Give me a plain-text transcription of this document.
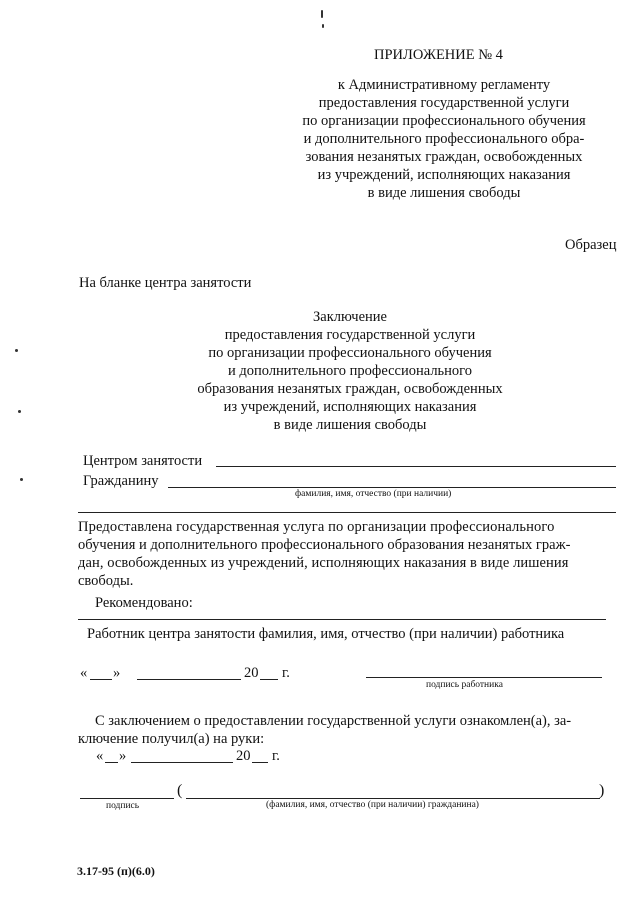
ПРИЛОЖЕНИЕ № 4
к Административному регламенту
предоставления государственной услуги
по организации профессионального обучения
и дополнительного профессионального обра-
зования незанятых граждан, освобожденных
из учреждений, исполняющих наказания
в виде лишения свободы
Образец
На бланке центра занятости
Заключение
предоставления государственной услуги
по организации профессионального обучения
и дополнительного профессионального
образования незанятых граждан, освобожденных
из учреждений, исполняющих наказания
в виде лишения свободы
Центром занятости
Гражданину
фамилия, имя, отчество (при наличии)
Предоставлена государственная услуга по организации профессионального
обучения и дополнительного профессионального образования незанятых граж-
дан, освобожденных из учреждений, исполняющих наказания в виде лишения
свободы.
Рекомендовано:
Работник центра занятости фамилия, имя, отчество (при наличии) работника
« »	20 г.
подпись работника
С заключением о предоставлении государственной услуги ознакомлен(а), за-
ключение получил(а) на руки:
« »	20 г.
(	)
подпись	(фамилия, имя, отчество (при наличии) гражданина)
3.17-95 (п)(6.0)
